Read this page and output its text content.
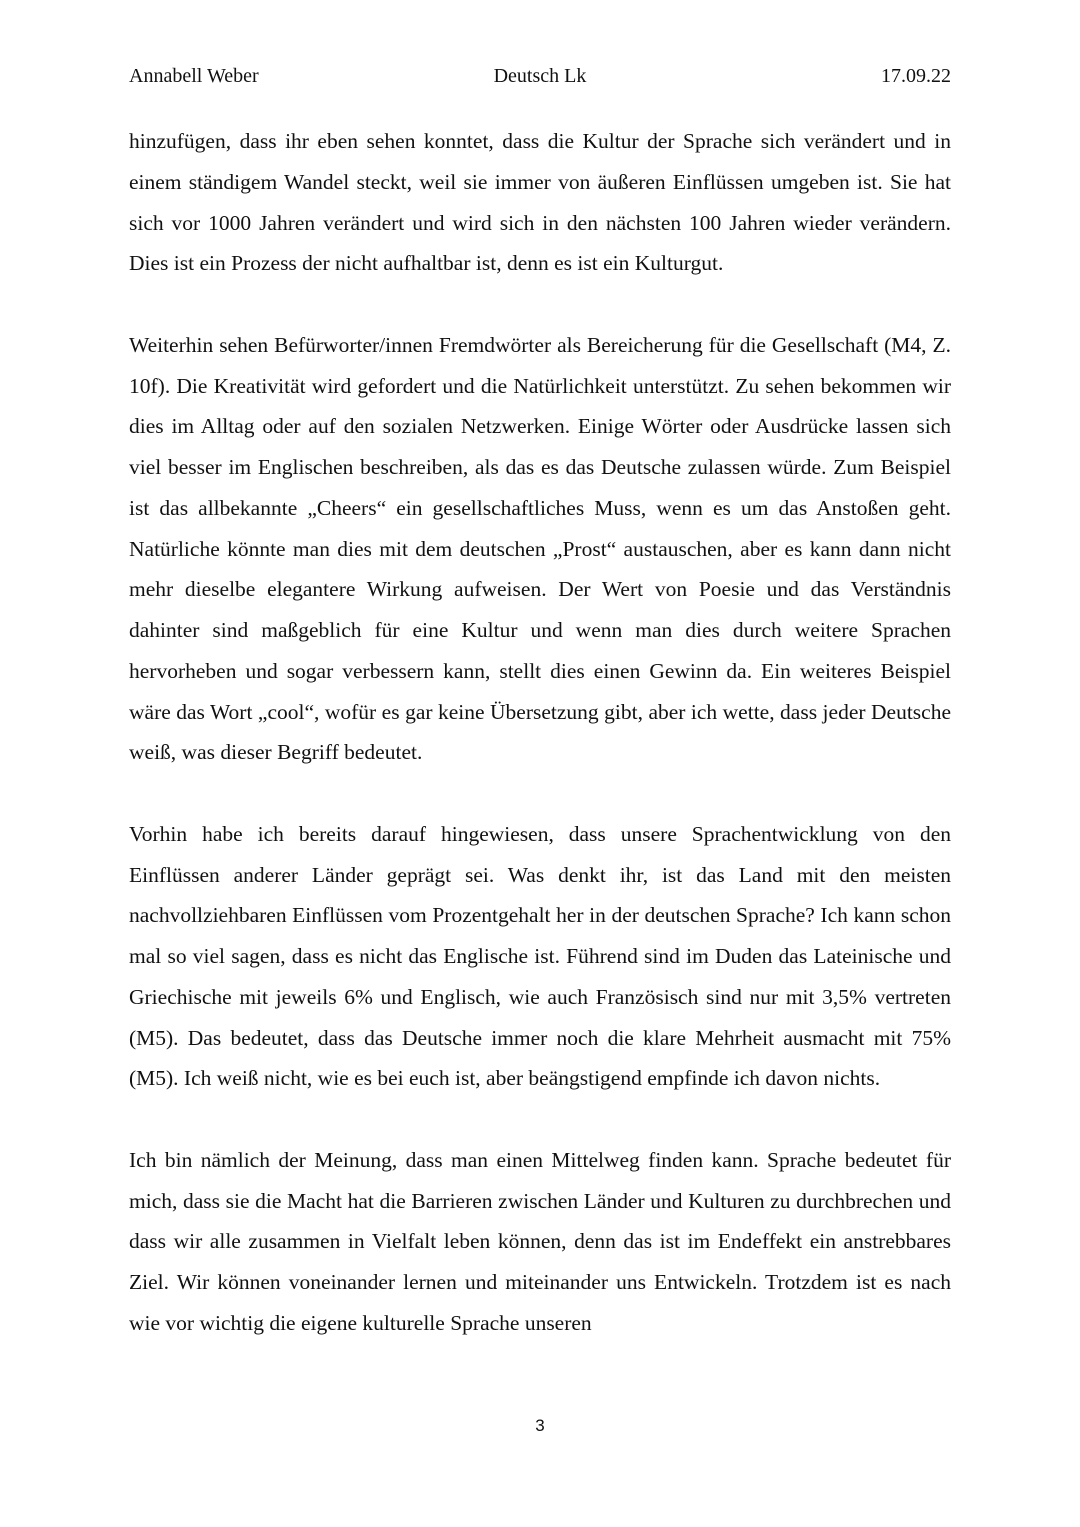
Annabell Weber	Deutsch Lk	17.09.22

hinzufügen, dass ihr eben sehen konntet, dass die Kultur der Sprache sich verändert und in einem ständigem Wandel steckt, weil sie immer von äußeren Einflüssen umgeben ist. Sie hat sich vor 1000 Jahren verändert und wird sich in den nächsten 100 Jahren wieder verändern. Dies ist ein Prozess der nicht aufhaltbar ist, denn es ist ein Kulturgut.

Weiterhin sehen Befürworter/innen Fremdwörter als Bereicherung für die Gesellschaft (M4, Z. 10f). Die Kreativität wird gefordert und die Natürlichkeit unterstützt. Zu sehen bekommen wir dies im Alltag oder auf den sozialen Netzwerken. Einige Wörter oder Ausdrücke lassen sich viel besser im Englischen beschreiben, als das es das Deutsche zulassen würde. Zum Beispiel ist das allbekannte „Cheers“ ein gesellschaftliches Muss, wenn es um das Anstoßen geht. Natürliche könnte man dies mit dem deutschen „Prost“ austauschen, aber es kann dann nicht mehr dieselbe elegantere Wirkung aufweisen. Der Wert von Poesie und das Verständnis dahinter sind maßgeblich für eine Kultur und wenn man dies durch weitere Sprachen hervorheben und sogar verbessern kann, stellt dies einen Gewinn da. Ein weiteres Beispiel wäre das Wort „cool“, wofür es gar keine Übersetzung gibt, aber ich wette, dass jeder Deutsche weiß, was dieser Begriff bedeutet.

Vorhin habe ich bereits darauf hingewiesen, dass unsere Sprachentwicklung von den Einflüssen anderer Länder geprägt sei. Was denkt ihr, ist das Land mit den meisten nachvollziehbaren Einflüssen vom Prozentgehalt her in der deutschen Sprache? Ich kann schon mal so viel sagen, dass es nicht das Englische ist. Führend sind im Duden das Lateinische und Griechische mit jeweils 6% und Englisch, wie auch Französisch sind nur mit 3,5% vertreten (M5). Das bedeutet, dass das Deutsche immer noch die klare Mehrheit ausmacht mit 75% (M5). Ich weiß nicht, wie es bei euch ist, aber beängstigend empfinde ich davon nichts.

Ich bin nämlich der Meinung, dass man einen Mittelweg finden kann. Sprache bedeutet für mich, dass sie die Macht hat die Barrieren zwischen Länder und Kulturen zu durchbrechen und dass wir alle zusammen in Vielfalt leben können, denn das ist im Endeffekt ein anstrebbares Ziel. Wir können voneinander lernen und miteinander uns Entwickeln. Trotzdem ist es nach wie vor wichtig die eigene kulturelle Sprache unseren

3
